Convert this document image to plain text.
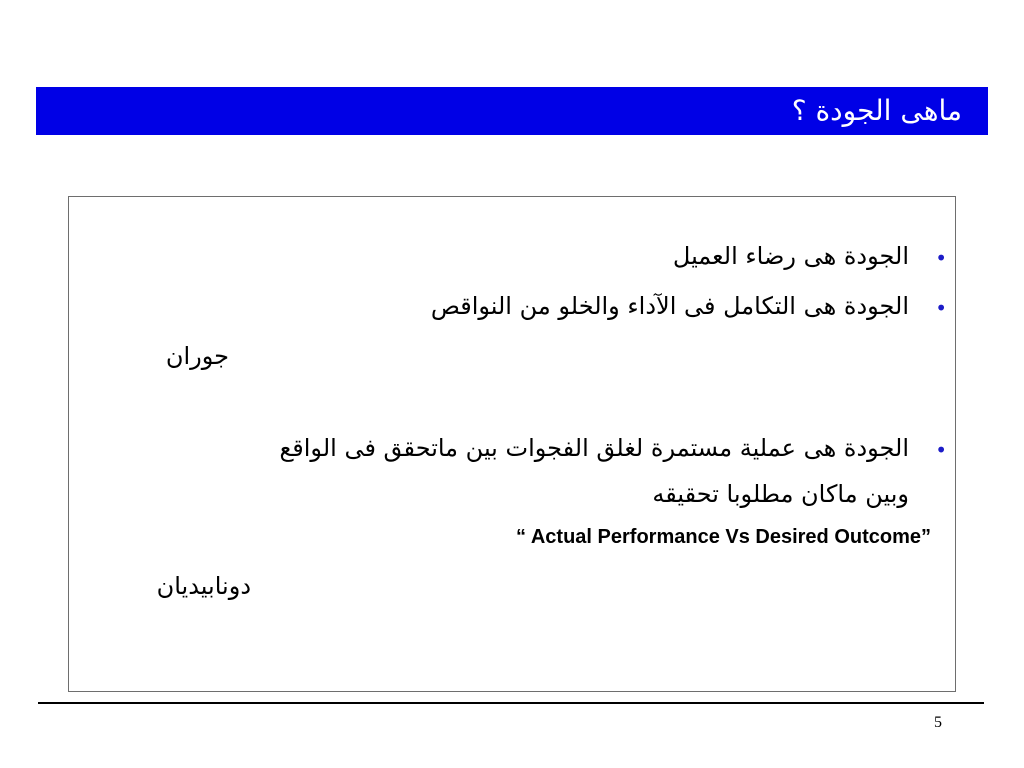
ماهى الجودة ؟
•
الجودة هى رضاء العميل
•
الجودة هى التكامل فى الآداء والخلو من النواقص
جوران
•
الجودة هى عملية مستمرة لغلق الفجوات بين ماتحقق فى الواقع
وبين ماكان مطلوبا تحقيقه
“ Actual Performance Vs Desired Outcome”
دونابيديان
5
